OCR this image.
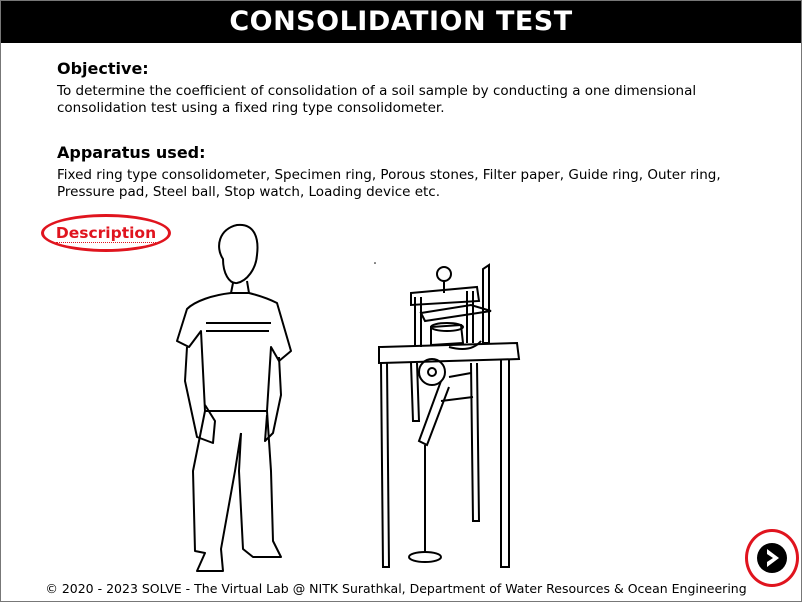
CONSOLIDATION TEST
Objective:
To determine the coefficient of consolidation of a soil sample by conducting a one dimensional consolidation test using a fixed ring type consolidometer.
Apparatus used:
Fixed ring type consolidometer, Specimen ring, Porous stones, Filter paper, Guide ring, Outer ring, Pressure pad, Steel ball, Stop watch, Loading device etc.
Description
© 2020 - 2023 SOLVE - The Virtual Lab @ NITK Surathkal, Department of Water Resources & Ocean Engineering
